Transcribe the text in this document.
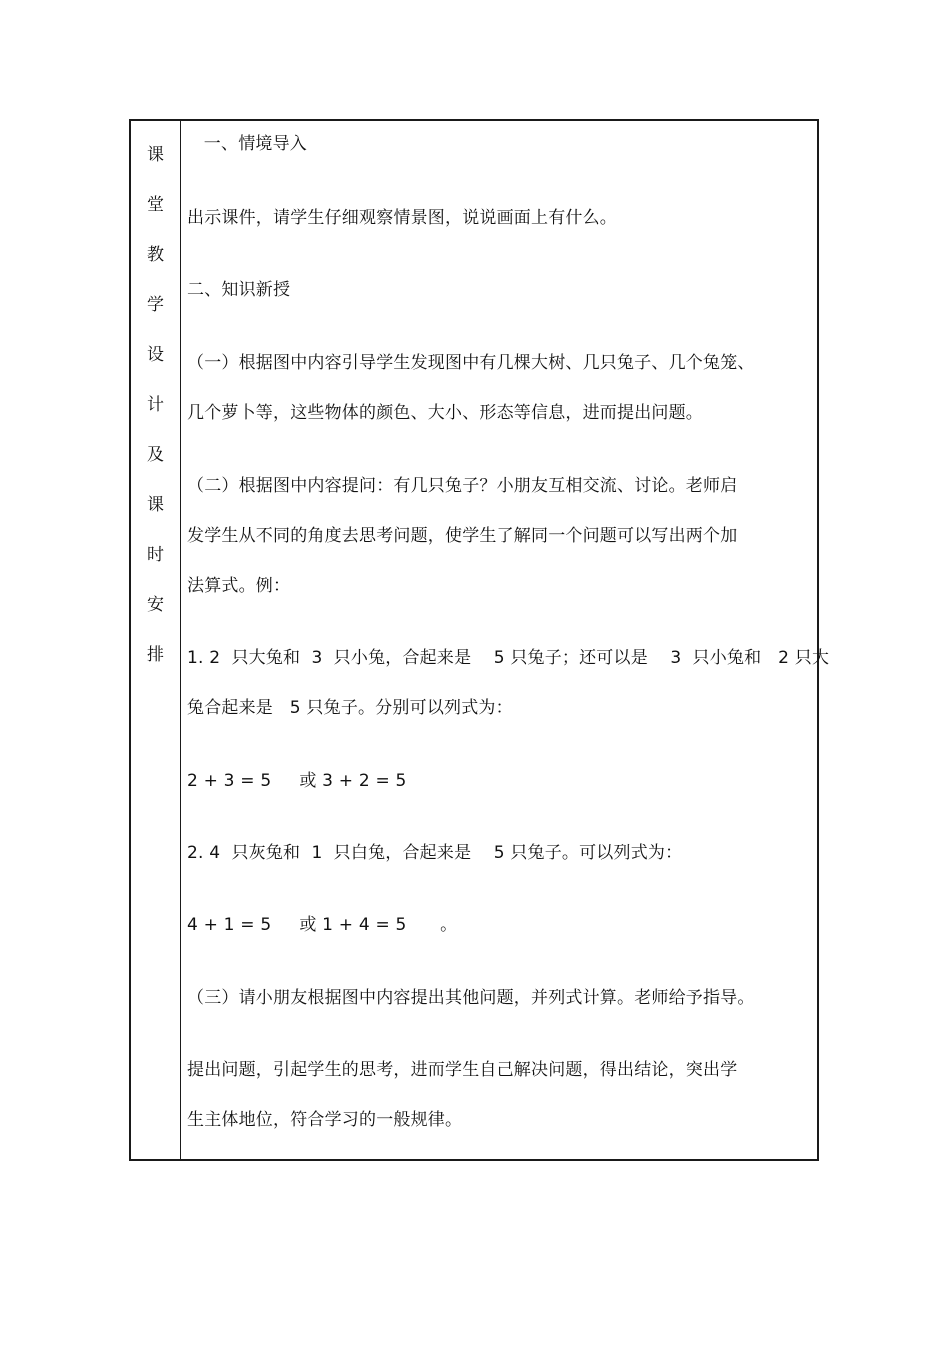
课
堂
教
学
设
计
及
课
时
安
排
一、情境导入
出示课件，请学生仔细观察情景图，说说画面上有什么。
二、知识新授
（一）根据图中内容引导学生发现图中有几棵大树、几只兔子、几个兔笼、
几个萝卜等，这些物体的颜色、大小、形态等信息，进而提出问题。
（二）根据图中内容提问：有几只兔子？小朋友互相交流、讨论。老师启
发学生从不同的角度去思考问题，使学生了解同一个问题可以写出两个加
法算式。例：
1. 2  只大兔和  3  只小兔，合起来是    5 只兔子；还可以是    3  只小兔和   2 只大
兔合起来是   5 只兔子。分别可以列式为：
2 + 3 = 5     或 3 + 2 = 5
2. 4  只灰兔和  1  只白兔，合起来是    5 只兔子。可以列式为：
4 + 1 = 5     或 1 + 4 = 5      。
（三）请小朋友根据图中内容提出其他问题，并列式计算。老师给予指导。
提出问题，引起学生的思考，进而学生自己解决问题，得出结论，突出学
生主体地位，符合学习的一般规律。
